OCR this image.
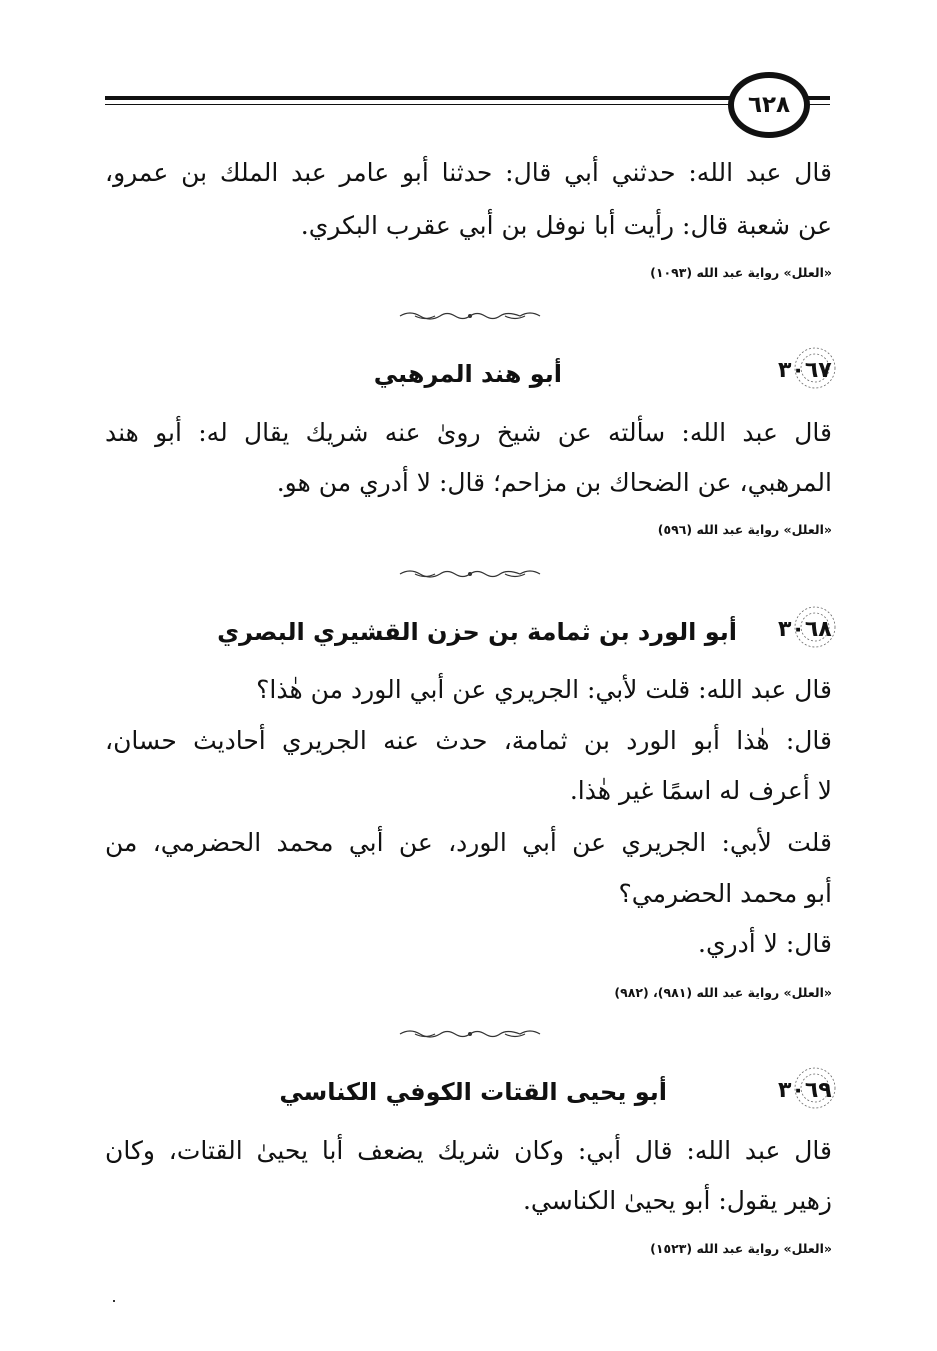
٦٢٨
قال عبد الله: حدثني أبي قال: حدثنا أبو عامر عبد الملك بن عمرو،
عن شعبة قال: رأيت أبا نوفل بن أبي عقرب البكري.
«العلل» رواية عبد الله (١٠٩٣)
٣٠٦٧
أبو هند المرهبي
قال عبد الله: سألته عن شيخ روىٰ عنه شريك يقال له: أبو هند
المرهبي، عن الضحاك بن مزاحم؛ قال: لا أدري من هو.
«العلل» رواية عبد الله (٥٩٦)
٣٠٦٨
أبو الورد بن ثمامة بن حزن القشيري البصري
قال عبد الله: قلت لأبي: الجريري عن أبي الورد من هٰذا؟
قال: هٰذا أبو الورد بن ثمامة، حدث عنه الجريري أحاديث حسان،
لا أعرف له اسمًا غير هٰذا.
قلت لأبي: الجريري عن أبي الورد، عن أبي محمد الحضرمي، من
أبو محمد الحضرمي؟
قال: لا أدري.
«العلل» رواية عبد الله (٩٨١)، (٩٨٢)
٣٠٦٩
أبو يحيى القتات الكوفي الكناسي
قال عبد الله: قال أبي: وكان شريك يضعف أبا يحيىٰ القتات، وكان
زهير يقول: أبو يحيىٰ الكناسي.
«العلل» رواية عبد الله (١٥٢٣)
